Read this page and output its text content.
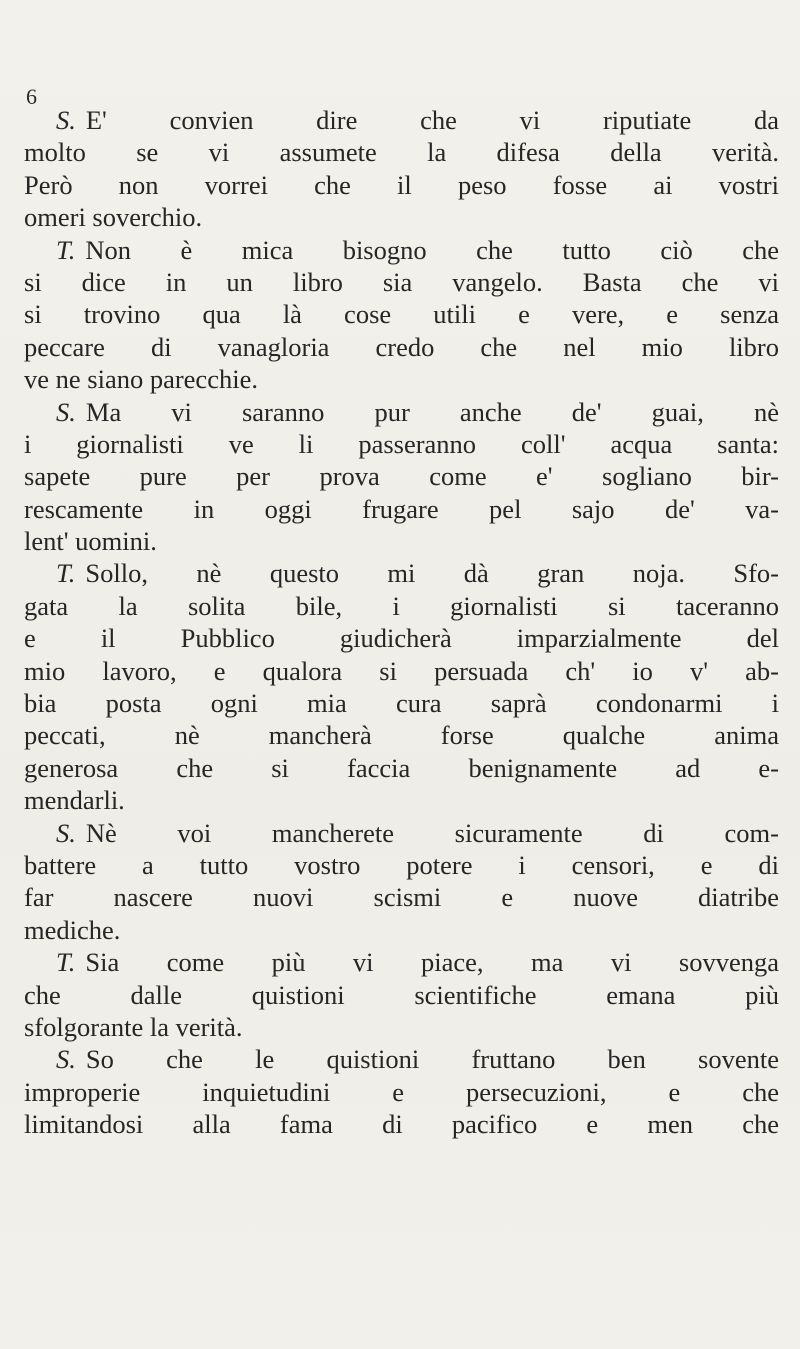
6
S. E' convien dire che vi riputiate da
molto se vi assumete la difesa della verità.
Però non vorrei che il peso fosse ai vostri
omeri soverchio.
T. Non è mica bisogno che tutto ciò che
si dice in un libro sia vangelo. Basta che vi
si trovino qua là cose utili e vere, e senza
peccare di vanagloria credo che nel mio libro
ve ne siano parecchie.
S. Ma vi saranno pur anche de' guai, nè
i giornalisti ve li passeranno coll' acqua santa:
sapete pure per prova come e' sogliano bir-
rescamente in oggi frugare pel sajo de' va-
lent' uomini.
T. Sollo, nè questo mi dà gran noja. Sfo-
gata la solita bile, i giornalisti si taceranno
e il Pubblico giudicherà imparzialmente del
mio lavoro, e qualora si persuada ch' io v' ab-
bia posta ogni mia cura saprà condonarmi i
peccati, nè mancherà forse qualche anima
generosa che si faccia benignamente ad e-
mendarli.
S. Nè voi mancherete sicuramente di com-
battere a tutto vostro potere i censori, e di
far nascere nuovi scismi e nuove diatribe
mediche.
T. Sia come più vi piace, ma vi sovvenga
che dalle quistioni scientifiche emana più
sfolgorante la verità.
S. So che le quistioni fruttano ben sovente
improperie inquietudini e persecuzioni, e che
limitandosi alla fama di pacifico e men che
